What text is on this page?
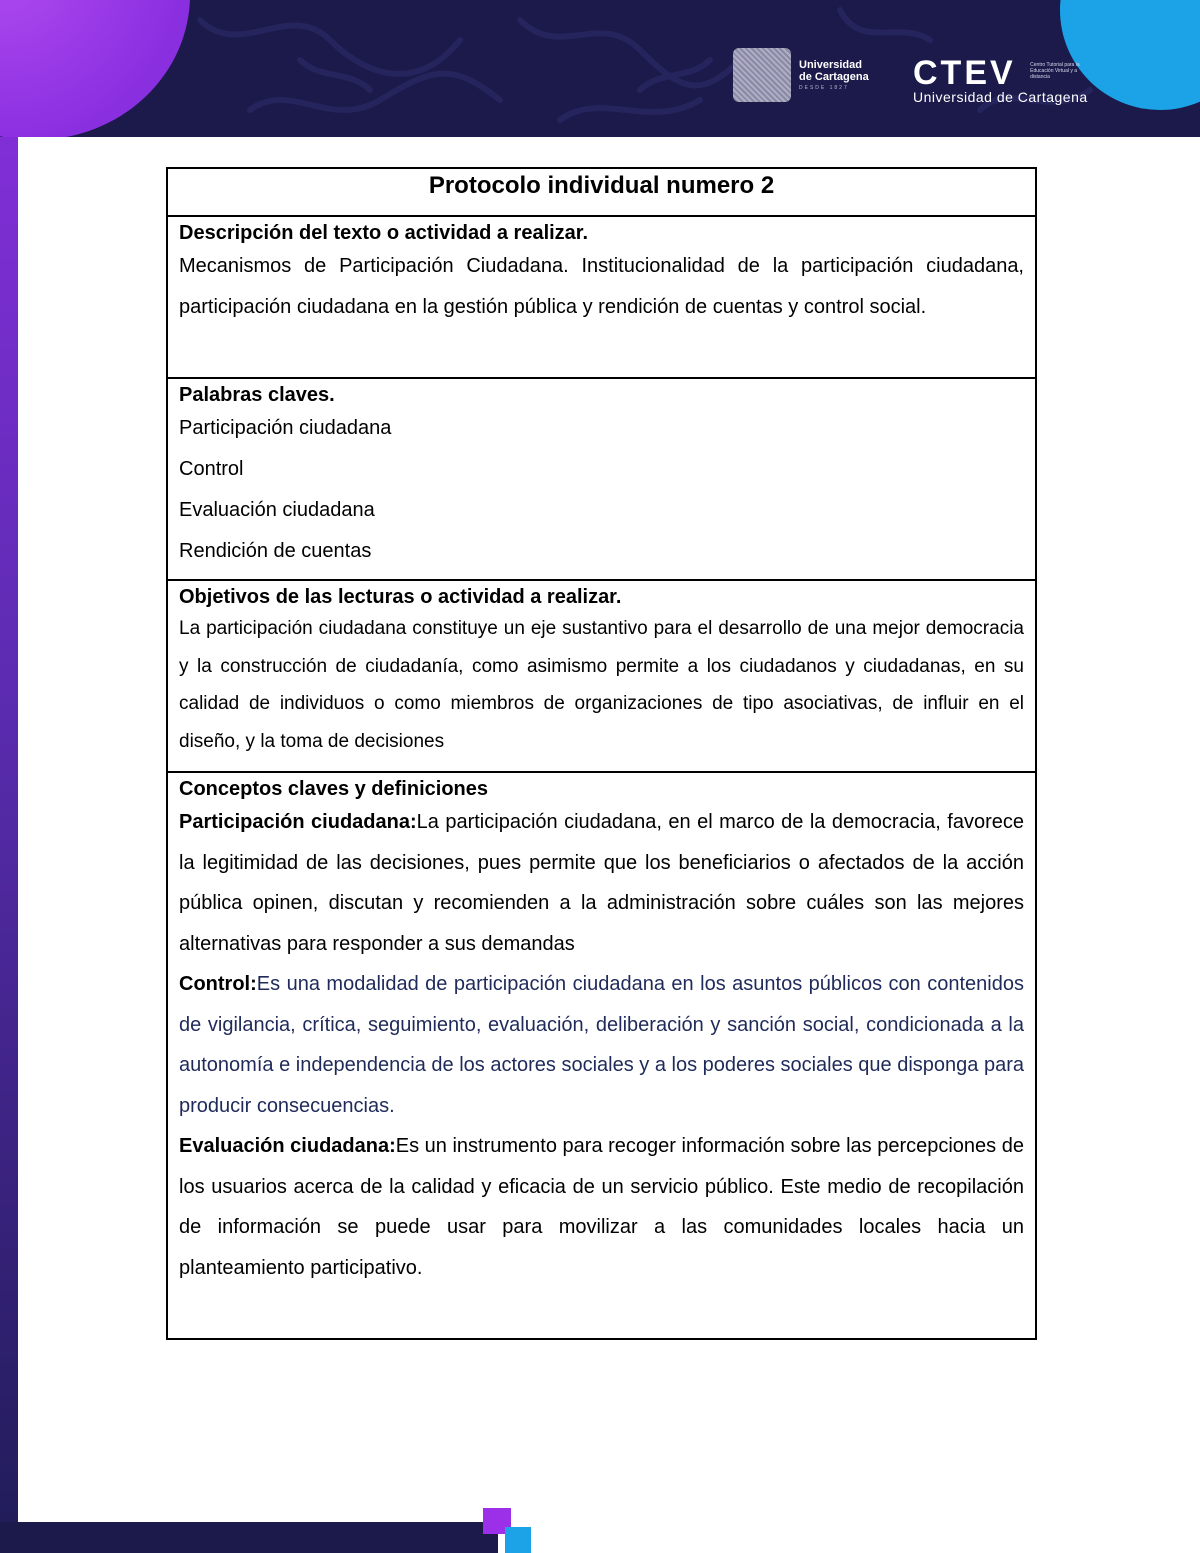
Universidad
de Cartagena
DESDE 1827	CTEV	Centro Tutorial para la Educación Virtual y a distancia
Universidad de Cartagena
Protocolo individual numero 2

Descripción del texto o actividad a realizar.
Mecanismos de Participación Ciudadana. Institucionalidad de la participación ciudadana, participación ciudadana en la gestión pública y rendición de cuentas y control social.

Palabras claves.
Participación ciudadana
Control
Evaluación ciudadana
Rendición de cuentas

Objetivos de las lecturas o actividad a realizar.
La participación ciudadana constituye un eje sustantivo para el desarrollo de una mejor democracia y la construcción de ciudadanía, como asimismo permite a los ciudadanos y ciudadanas, en su calidad de individuos o como miembros de organizaciones de tipo asociativas, de influir en el diseño, y la toma de decisiones

Conceptos claves y definiciones
Participación ciudadana:La participación ciudadana, en el marco de la democracia, favorece la legitimidad de las decisiones, pues permite que los beneficiarios o afectados de la acción pública opinen, discutan y recomienden a la administración sobre cuáles son las mejores alternativas para responder a sus demandas
Control:Es una modalidad de participación ciudadana en los asuntos públicos con contenidos de vigilancia, crítica, seguimiento, evaluación, deliberación y sanción social, condicionada a la autonomía e independencia de los actores sociales y a los poderes sociales que disponga para producir consecuencias.
Evaluación ciudadana:Es un instrumento para recoger información sobre las percepciones de los usuarios acerca de la calidad y eficacia de un servicio público. Este medio de recopilación de información se puede usar para movilizar a las comunidades locales hacia un planteamiento participativo.
